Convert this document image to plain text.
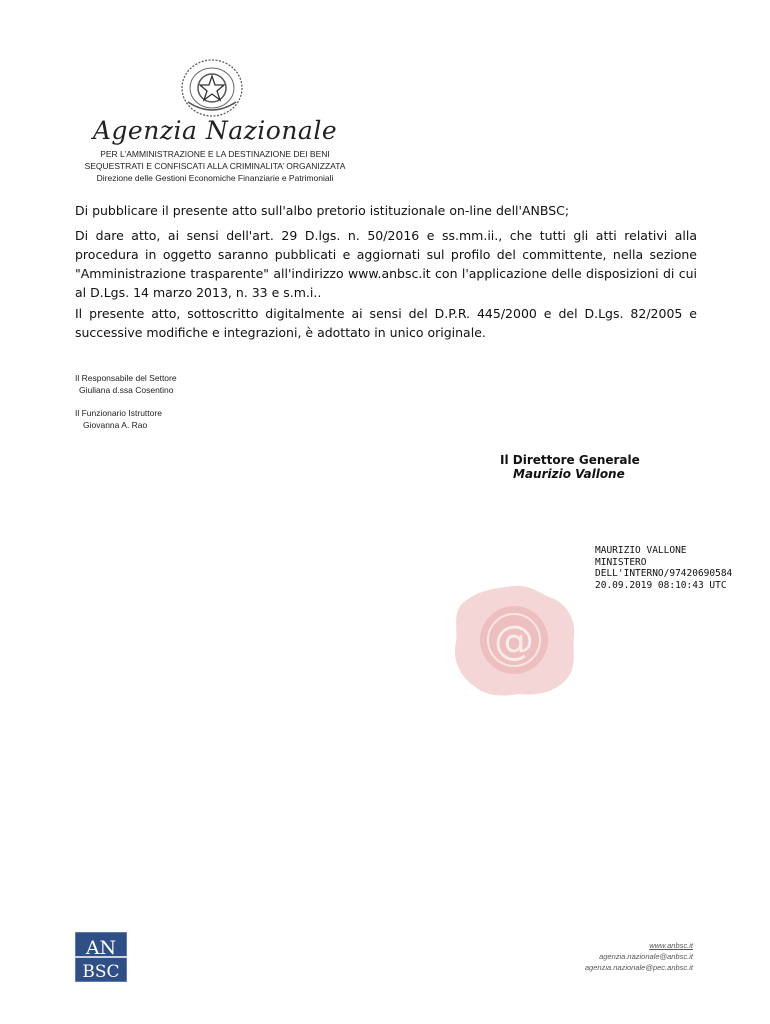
Agenzia Nazionale
PER L’AMMINISTRAZIONE E LA DESTINAZIONE DEI BENI
SEQUESTRATI E CONFISCATI ALLA CRIMINALITA’ ORGANIZZATA
Direzione delle Gestioni Economiche Finanziarie e Patrimoniali
Di pubblicare il presente atto sull'albo pretorio istituzionale on-line dell'ANBSC;
Di dare atto, ai sensi dell'art. 29 D.lgs. n. 50/2016 e ss.mm.ii., che tutti gli atti relativi alla procedura in oggetto saranno pubblicati e aggiornati sul profilo del committente, nella sezione "Amministrazione trasparente" all'indirizzo www.anbsc.it con l'applicazione delle disposizioni di cui al D.Lgs. 14 marzo 2013, n. 33 e s.m.i..
Il presente atto, sottoscritto digitalmente ai sensi del D.P.R. 445/2000 e del D.Lgs. 82/2005 e successive modifiche e integrazioni, è adottato in unico originale.
Il Responsabile del Settore
Giuliana d.ssa Cosentino
Il Funzionario Istruttore
Giovanna A. Rao
Il Direttore Generale
Maurizio Vallone
MAURIZIO VALLONE
MINISTERO
DELL'INTERNO/97420690584
20.09.2019 08:10:43 UTC
@
AN
BSC
www.anbsc.it
agenzia.nazionale@anbsc.it
agenzia.nazionale@pec.anbsc.it
